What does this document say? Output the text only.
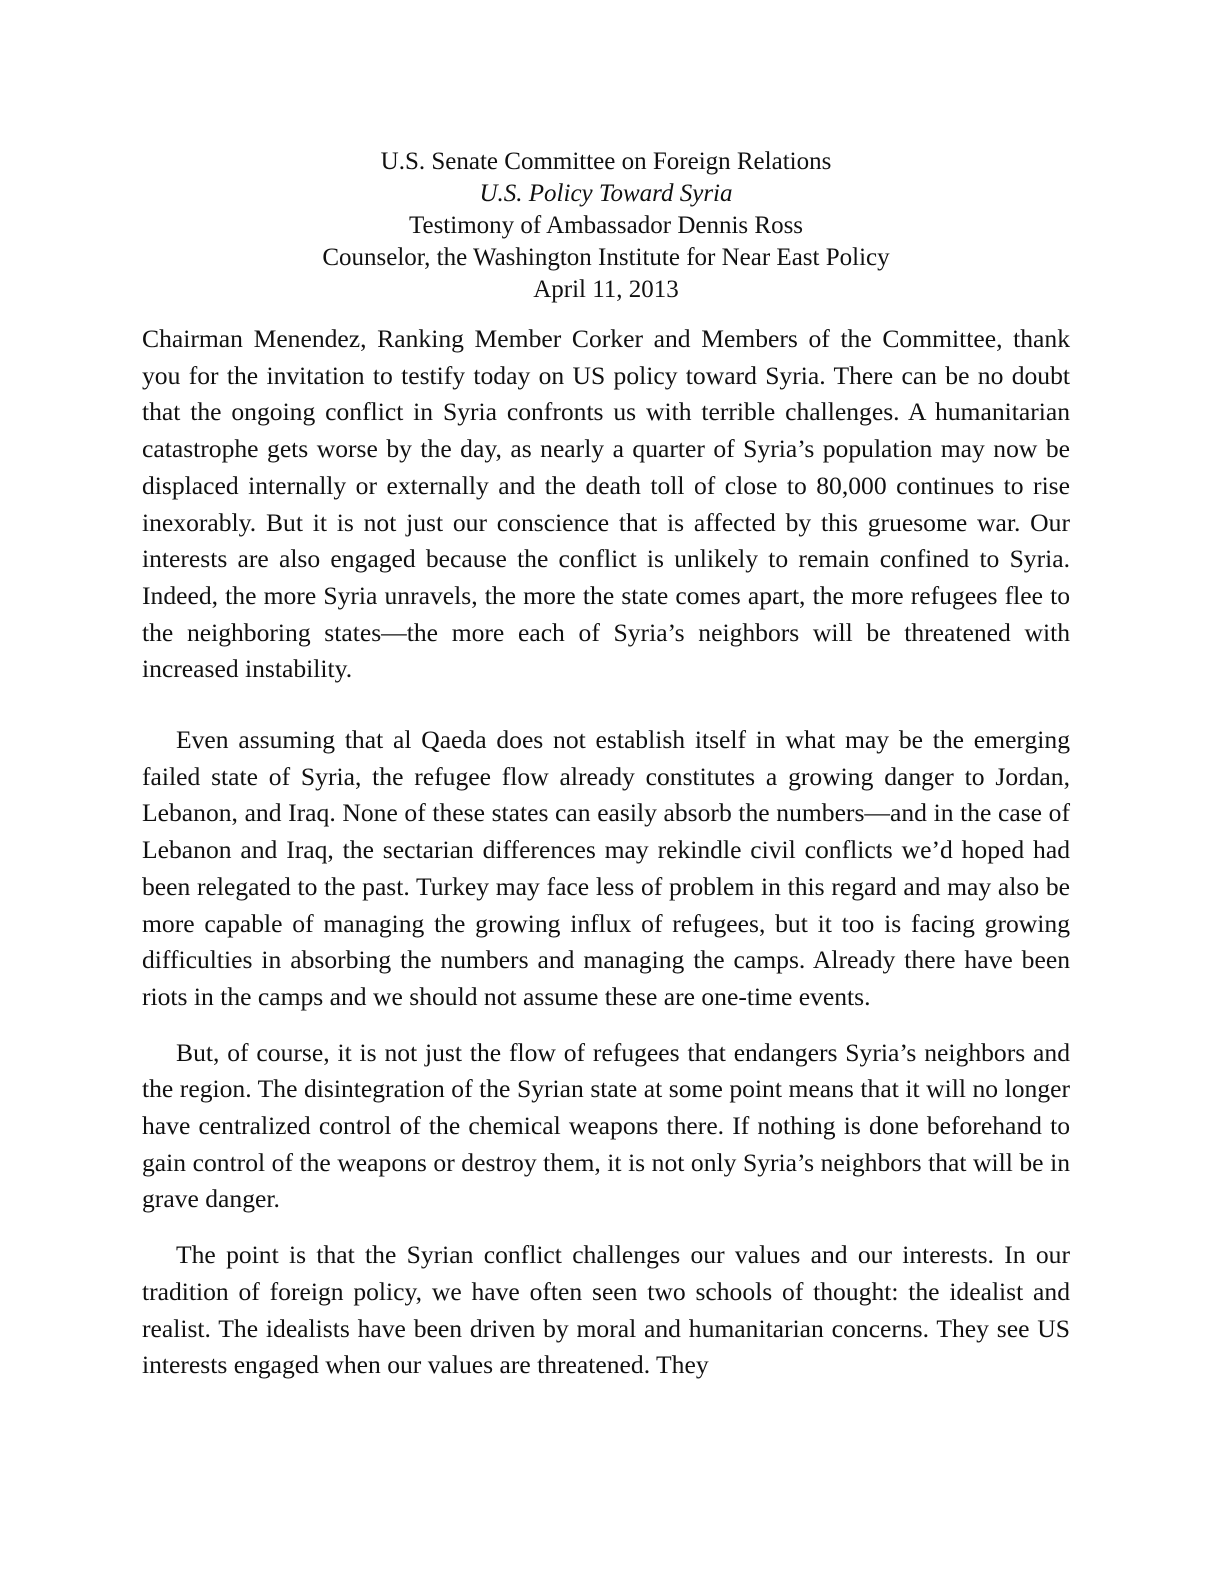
U.S. Senate Committee on Foreign Relations
U.S. Policy Toward Syria
Testimony of Ambassador Dennis Ross
Counselor, the Washington Institute for Near East Policy
April 11, 2013

Chairman Menendez, Ranking Member Corker and Members of the Committee, thank you for the invitation to testify today on US policy toward Syria. There can be no doubt that the ongoing conflict in Syria confronts us with terrible challenges. A humanitarian catastrophe gets worse by the day, as nearly a quarter of Syria’s population may now be displaced internally or externally and the death toll of close to 80,000 continues to rise inexorably. But it is not just our conscience that is affected by this gruesome war. Our interests are also engaged because the conflict is unlikely to remain confined to Syria. Indeed, the more Syria unravels, the more the state comes apart, the more refugees flee to the neighboring states—the more each of Syria’s neighbors will be threatened with increased instability.

Even assuming that al Qaeda does not establish itself in what may be the emerging failed state of Syria, the refugee flow already constitutes a growing danger to Jordan, Lebanon, and Iraq. None of these states can easily absorb the numbers—and in the case of Lebanon and Iraq, the sectarian differences may rekindle civil conflicts we’d hoped had been relegated to the past. Turkey may face less of problem in this regard and may also be more capable of managing the growing influx of refugees, but it too is facing growing difficulties in absorbing the numbers and managing the camps. Already there have been riots in the camps and we should not assume these are one-time events.

But, of course, it is not just the flow of refugees that endangers Syria’s neighbors and the region. The disintegration of the Syrian state at some point means that it will no longer have centralized control of the chemical weapons there. If nothing is done beforehand to gain control of the weapons or destroy them, it is not only Syria’s neighbors that will be in grave danger.

The point is that the Syrian conflict challenges our values and our interests. In our tradition of foreign policy, we have often seen two schools of thought: the idealist and realist. The idealists have been driven by moral and humanitarian concerns. They see US interests engaged when our values are threatened. They
